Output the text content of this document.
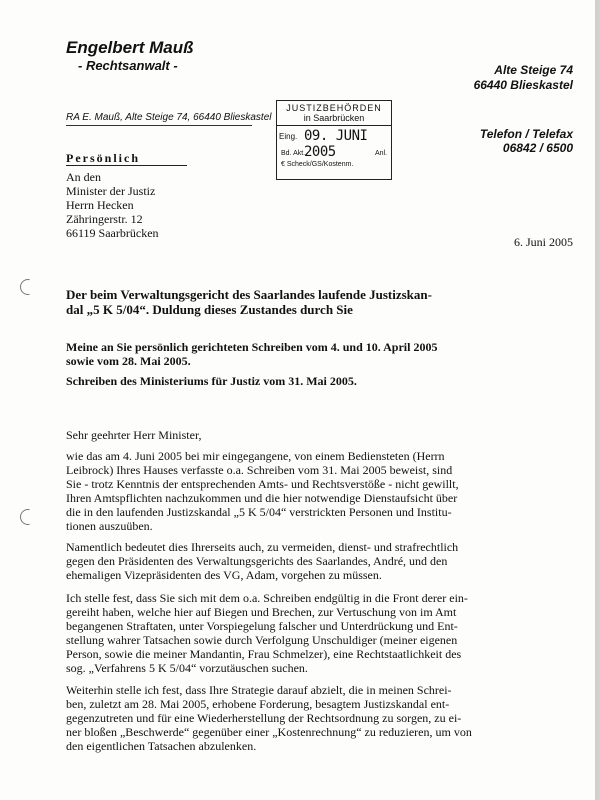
Engelbert Mauß
- Rechtsanwalt -	Alte Steige 74
66440 Blieskastel
RA E. Mauß, Alte Steige 74, 66440 Blieskastel
Telefon / Telefax
06842 / 6500
JUSTIZBEHÖRDEN
in Saarbrücken
Eing. 09. JUNI 2005
Bd. Akt.	Anl.
€ Scheck/GS/Kostenm.
Persönlich
An den
Minister der Justiz
Herrn Hecken
Zähringerstr. 12
66119 Saarbrücken
6. Juni 2005
Der beim Verwaltungsgericht des Saarlandes laufende Justizskan-
dal „5 K 5/04“. Duldung dieses Zustandes durch Sie
Meine an Sie persönlich gerichteten Schreiben vom 4. und 10. April 2005
sowie vom 28. Mai 2005.
Schreiben des Ministeriums für Justiz vom 31. Mai 2005.
Sehr geehrter Herr Minister,
wie das am 4. Juni 2005 bei mir eingegangene, von einem Bediensteten (Herrn
Leibrock) Ihres Hauses verfasste o.a. Schreiben vom 31. Mai 2005 beweist, sind
Sie - trotz Kenntnis der entsprechenden Amts- und Rechtsverstöße - nicht gewillt,
Ihren Amtspflichten nachzukommen und die hier notwendige Dienstaufsicht über
die in den laufenden Justizskandal „5 K 5/04“ verstrickten Personen und Institu-
tionen auszuüben.
Namentlich bedeutet dies Ihrerseits auch, zu vermeiden, dienst- und strafrechtlich
gegen den Präsidenten des Verwaltungsgerichts des Saarlandes, André, und den
ehemaligen Vizepräsidenten des VG, Adam, vorgehen zu müssen.
Ich stelle fest, dass Sie sich mit dem o.a. Schreiben endgültig in die Front derer ein-
gereiht haben, welche hier auf Biegen und Brechen, zur Vertuschung von im Amt
begangenen Straftaten, unter Vorspiegelung falscher und Unterdrückung und Ent-
stellung wahrer Tatsachen sowie durch Verfolgung Unschuldiger (meiner eigenen
Person, sowie die meiner Mandantin, Frau Schmelzer), eine Rechtstaatlichkeit des
sog. „Verfahrens 5 K 5/04“ vorzutäuschen suchen.
Weiterhin stelle ich fest, dass Ihre Strategie darauf abzielt, die in meinen Schrei-
ben, zuletzt am 28. Mai 2005, erhobene Forderung, besagtem Justizskandal ent-
gegenzutreten und für eine Wiederherstellung der Rechtsordnung zu sorgen, zu ei-
ner bloßen „Beschwerde“ gegenüber einer „Kostenrechnung“ zu reduzieren, um von
den eigentlichen Tatsachen abzulenken.
